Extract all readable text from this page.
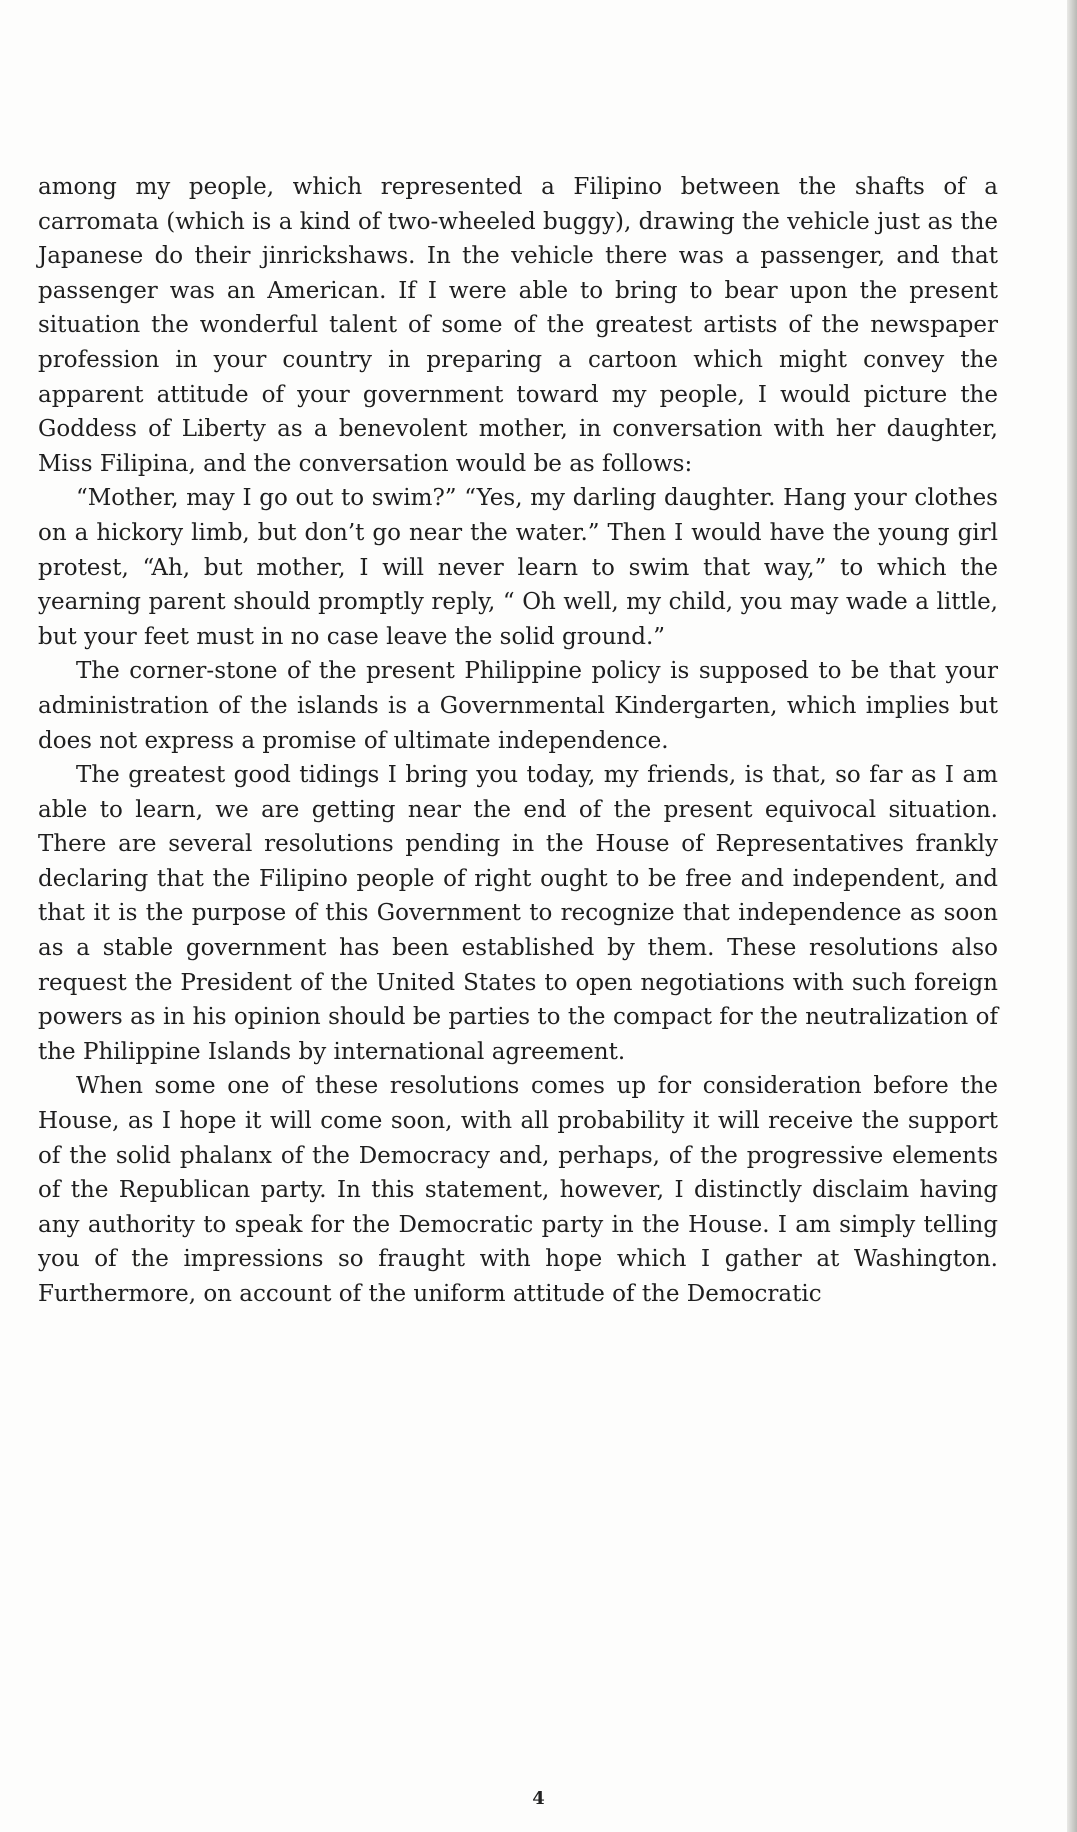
among my people, which represented a Filipino between the shafts of a carromata (which is a kind of two-wheeled buggy), drawing the vehicle just as the Japanese do their jinrickshaws. In the vehicle there was a passenger, and that passenger was an American. If I were able to bring to bear upon the present situation the wonderful talent of some of the greatest artists of the newspaper profession in your country in preparing a cartoon which might convey the apparent attitude of your government toward my people, I would picture the Goddess of Liberty as a benevolent mother, in conversation with her daughter, Miss Filipina, and the conversation would be as follows:

“Mother, may I go out to swim?” “Yes, my darling daughter. Hang your clothes on a hickory limb, but don’t go near the water.” Then I would have the young girl protest, “Ah, but mother, I will never learn to swim that way,” to which the yearning parent should promptly reply, “ Oh well, my child, you may wade a little, but your feet must in no case leave the solid ground.”

The corner-stone of the present Philippine policy is supposed to be that your administration of the islands is a Governmental Kindergarten, which implies but does not express a promise of ultimate independence.

The greatest good tidings I bring you today, my friends, is that, so far as I am able to learn, we are getting near the end of the present equivocal situation. There are several resolutions pending in the House of Representatives frankly declaring that the Filipino people of right ought to be free and independent, and that it is the purpose of this Government to recognize that independence as soon as a stable government has been established by them. These resolutions also request the President of the United States to open negotiations with such foreign powers as in his opinion should be parties to the compact for the neutralization of the Philippine Islands by international agreement.

When some one of these resolutions comes up for consideration before the House, as I hope it will come soon, with all probability it will receive the support of the solid phalanx of the Democracy and, perhaps, of the progressive elements of the Republican party. In this statement, however, I distinctly disclaim having any authority to speak for the Democratic party in the House. I am simply telling you of the impressions so fraught with hope which I gather at Washington. Furthermore, on account of the uniform attitude of the Democratic

4
